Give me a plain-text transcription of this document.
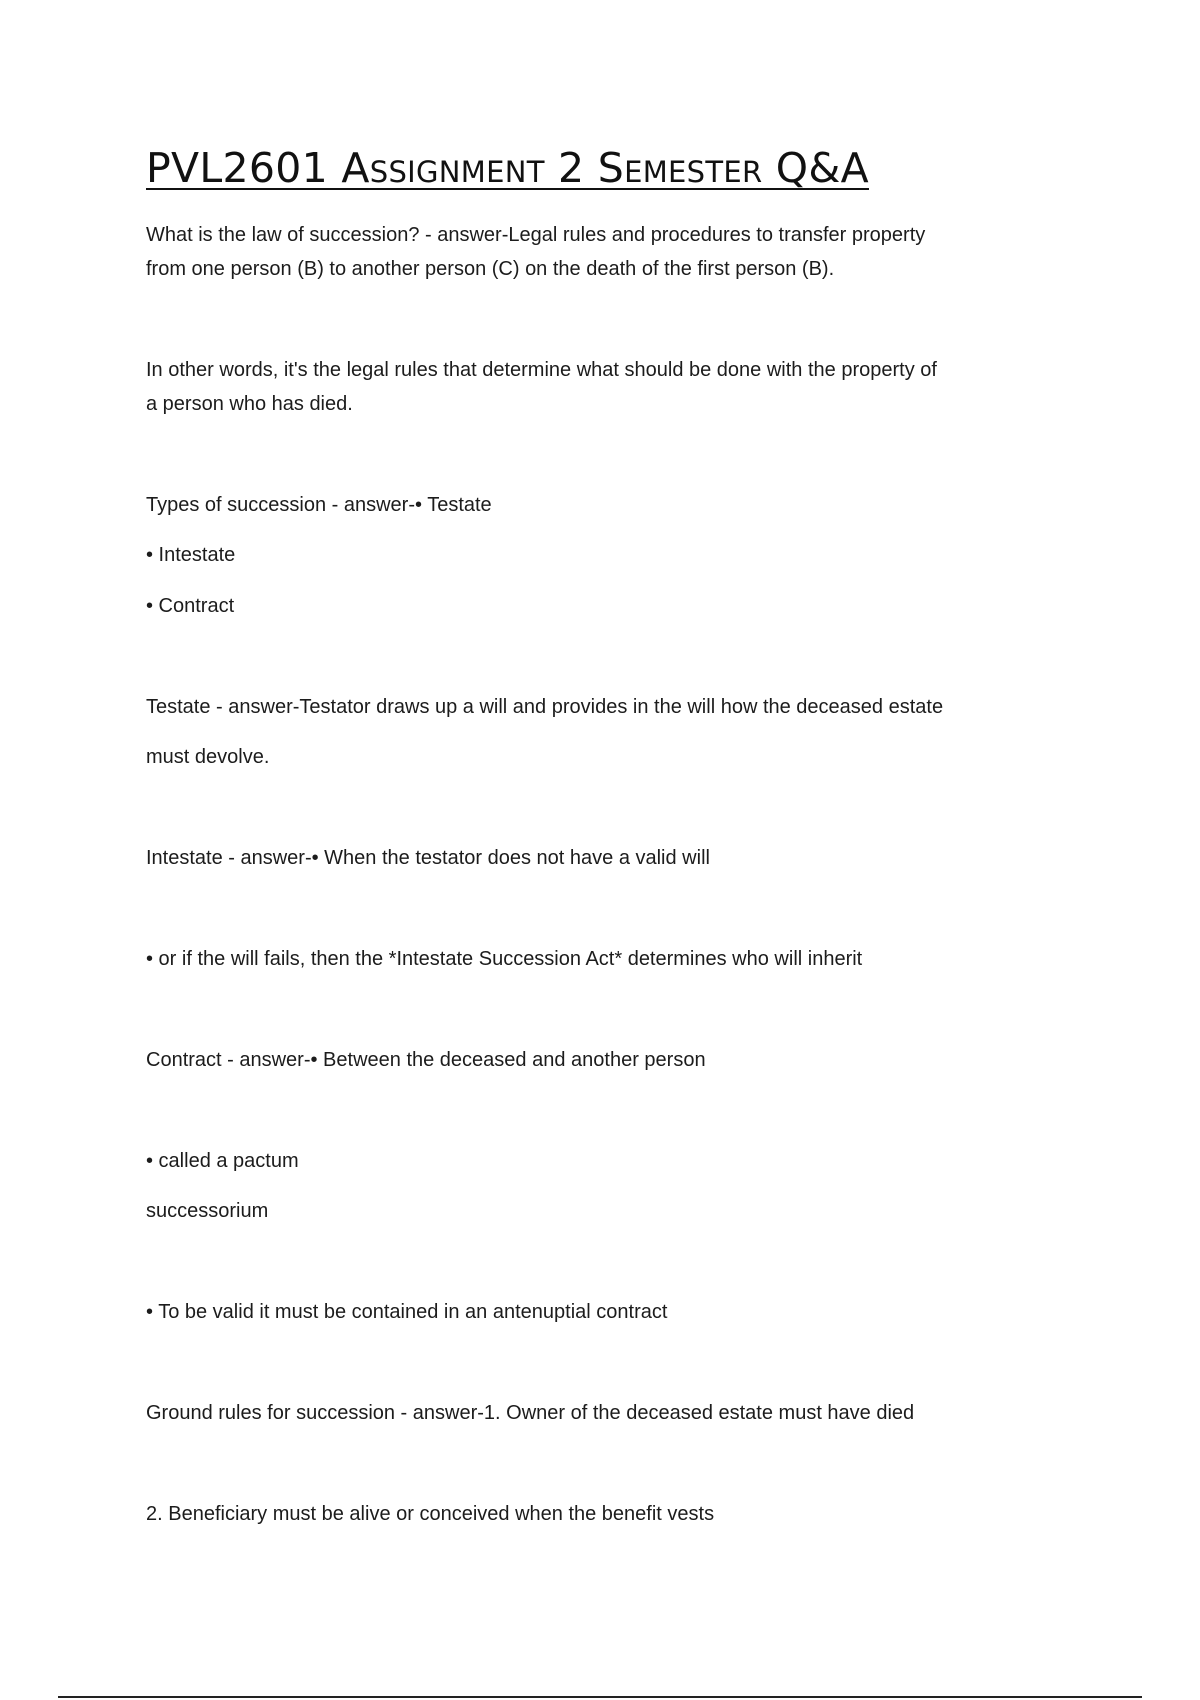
PVL2601 Assignment 2 Semester Q&A

What is the law of succession? - answer-Legal rules and procedures to transfer property

from one person (B) to another person (C) on the death of the first person (B).

In other words, it's the legal rules that determine what should be done with the property of

a person who has died.

Types of succession - answer-• Testate

• Intestate

• Contract

Testate - answer-Testator draws up a will and provides in the will how the deceased estate

must devolve.

Intestate - answer-• When the testator does not have a valid will

• or if the will fails, then the *Intestate Succession Act* determines who will inherit

Contract - answer-• Between the deceased and another person

• called a pactum

successorium

• To be valid it must be contained in an antenuptial contract

Ground rules for succession - answer-1. Owner of the deceased estate must have died

2. Beneficiary must be alive or conceived when the benefit vests
